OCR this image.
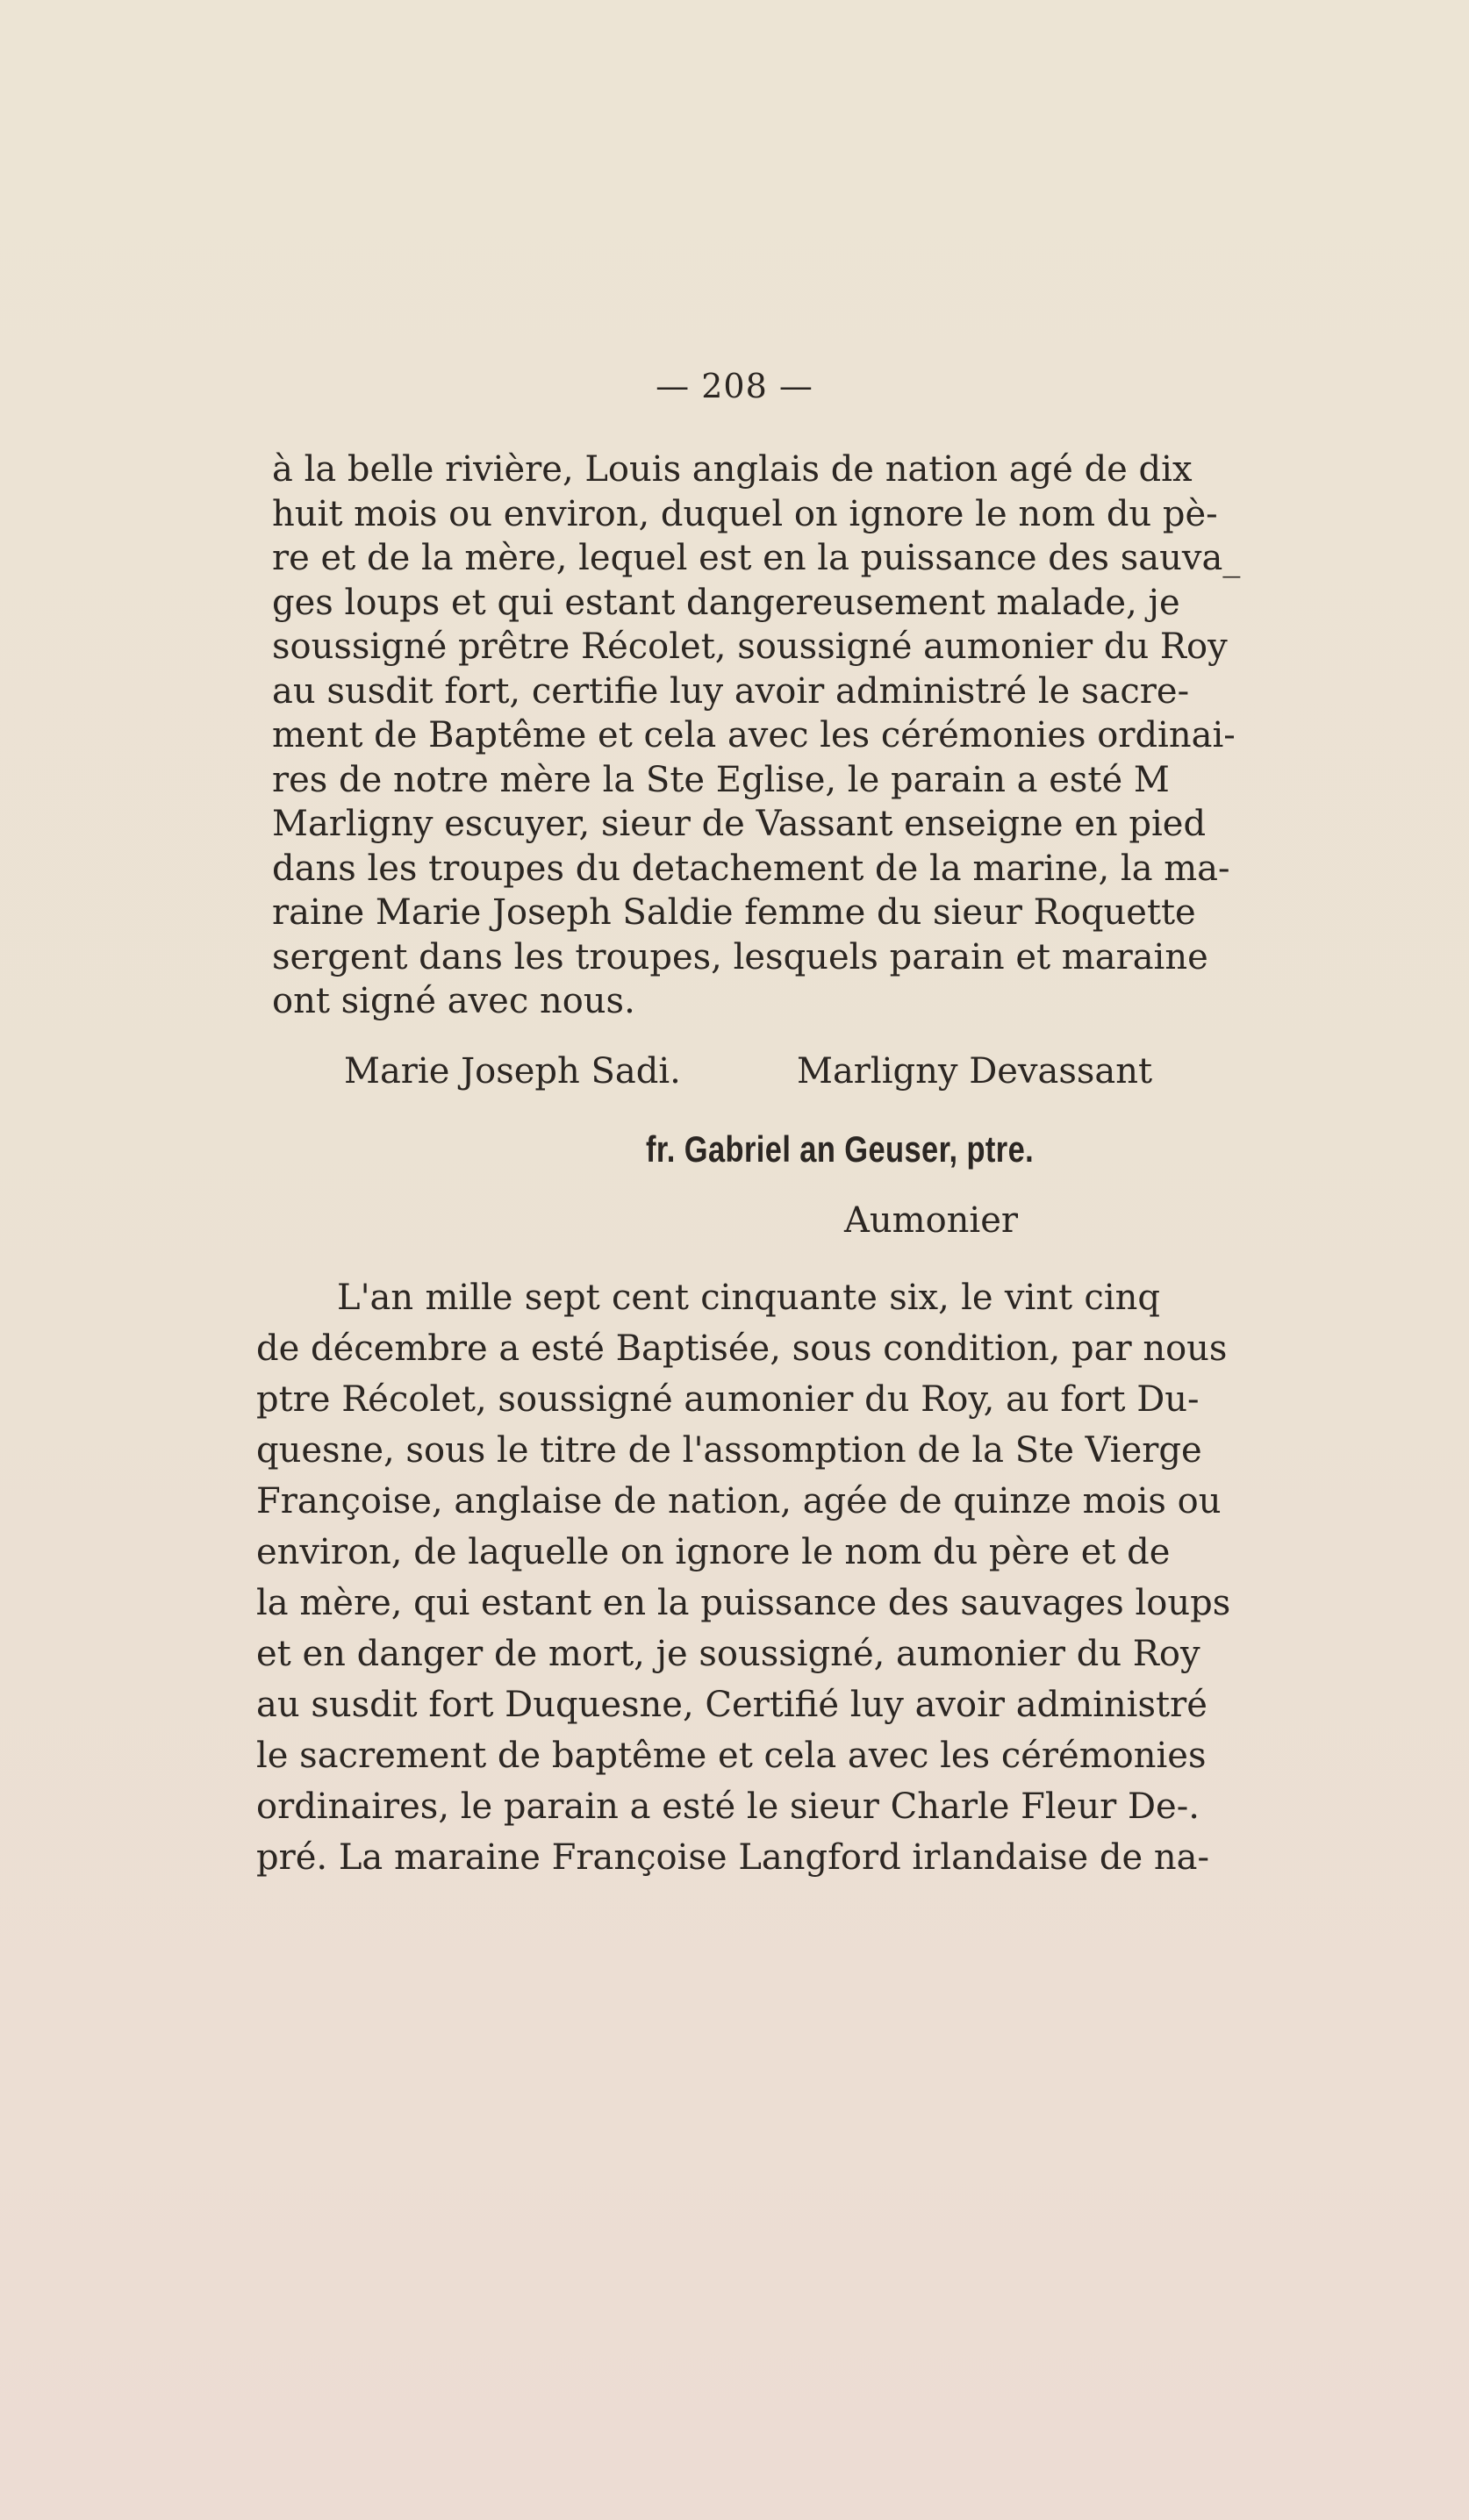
— 208 —
à la belle rivière, Louis anglais de nation agé de dix
huit mois ou environ, duquel on ignore le nom du pè-
re et de la mère, lequel est en la puissance des sauva_
ges loups et qui estant dangereusement malade, je
soussigné prêtre Récolet, soussigné aumonier du Roy
au susdit fort, certifie luy avoir administré le sacre-
ment de Baptême et cela avec les cérémonies ordinai-
res de notre mère la Ste Eglise, le parain a esté M
Marligny escuyer, sieur de Vassant enseigne en pied
dans les troupes du detachement de la marine, la ma-
raine Marie Joseph Saldie femme du sieur Roquette
sergent dans les troupes, lesquels parain et maraine
ont signé avec nous.
Marie Joseph Sadi.	Marligny Devassant
fr. Gabriel an Geuser, ptre.
Aumonier
L'an mille sept cent cinquante six, le vint cinq
de décembre a esté Baptisée, sous condition, par nous
ptre Récolet, soussigné aumonier du Roy, au fort Du-
quesne, sous le titre de l'assomption de la Ste Vierge
Françoise, anglaise de nation, agée de quinze mois ou
environ, de laquelle on ignore le nom du père et de
la mère, qui estant en la puissance des sauvages loups
et en danger de mort, je soussigné, aumonier du Roy
au susdit fort Duquesne, Certifié luy avoir administré
le sacrement de baptême et cela avec les cérémonies
ordinaires, le parain a esté le sieur Charle Fleur De-.
pré. La maraine Françoise Langford irlandaise de na-
